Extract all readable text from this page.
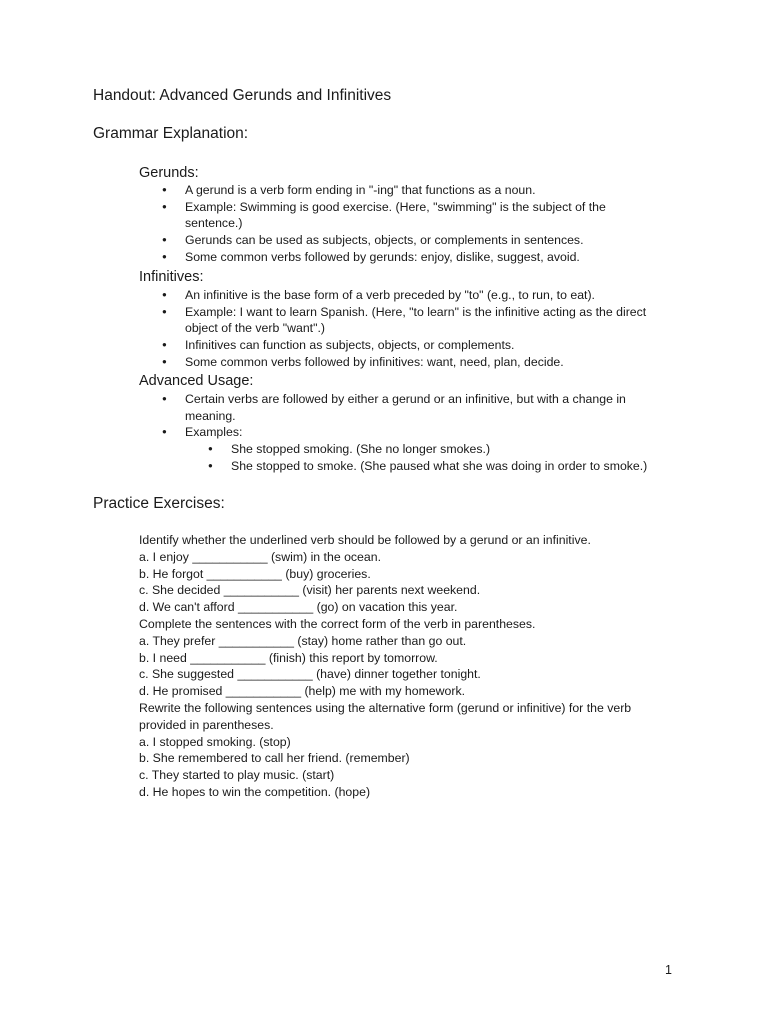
Handout: Advanced Gerunds and Infinitives
Grammar Explanation:
Gerunds:
● A gerund is a verb form ending in "-ing" that functions as a noun.
● Example: Swimming is good exercise. (Here, "swimming" is the subject of the sentence.)
● Gerunds can be used as subjects, objects, or complements in sentences.
● Some common verbs followed by gerunds: enjoy, dislike, suggest, avoid.
Infinitives:
● An infinitive is the base form of a verb preceded by "to" (e.g., to run, to eat).
● Example: I want to learn Spanish. (Here, "to learn" is the infinitive acting as the direct object of the verb "want".)
● Infinitives can function as subjects, objects, or complements.
● Some common verbs followed by infinitives: want, need, plan, decide.
Advanced Usage:
● Certain verbs are followed by either a gerund or an infinitive, but with a change in meaning.
● Examples:
● She stopped smoking. (She no longer smokes.)
● She stopped to smoke. (She paused what she was doing in order to smoke.)
Practice Exercises:
Identify whether the underlined verb should be followed by a gerund or an infinitive.
a. I enjoy ___________ (swim) in the ocean.
b. He forgot ___________ (buy) groceries.
c. She decided ___________ (visit) her parents next weekend.
d. We can't afford ___________ (go) on vacation this year.
Complete the sentences with the correct form of the verb in parentheses.
a. They prefer ___________ (stay) home rather than go out.
b. I need ___________ (finish) this report by tomorrow.
c. She suggested ___________ (have) dinner together tonight.
d. He promised ___________ (help) me with my homework.
Rewrite the following sentences using the alternative form (gerund or infinitive) for the verb provided in parentheses.
a. I stopped smoking. (stop)
b. She remembered to call her friend. (remember)
c. They started to play music. (start)
d. He hopes to win the competition. (hope)
1
